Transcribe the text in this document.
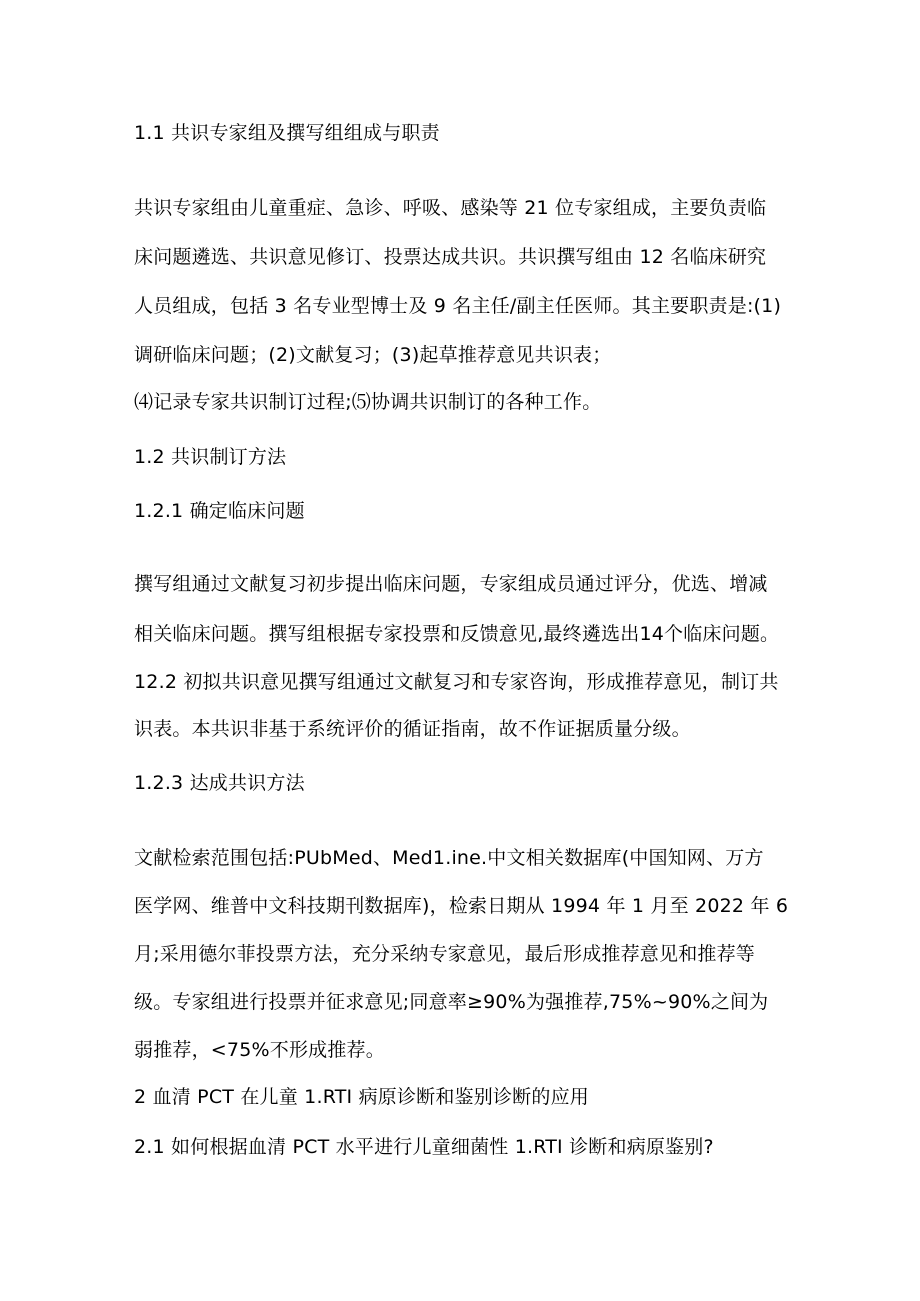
1.1 共识专家组及撰写组组成与职责
共识专家组由儿童重症、急诊、呼吸、感染等 21 位专家组成，主要负责临
床问题遴选、共识意见修订、投票达成共识。共识撰写组由 12 名临床研究
人员组成，包括 3 名专业型博士及 9 名主任/副主任医师。其主要职责是:(1)
调研临床问题；(2)文献复习；(3)起草推荐意见共识表；
⑷记录专家共识制订过程;⑸协调共识制订的各种工作。
1.2 共识制订方法
1.2.1 确定临床问题
撰写组通过文献复习初步提出临床问题，专家组成员通过评分，优选、增减
相关临床问题。撰写组根据专家投票和反馈意见,最终遴选出14个临床问题。
12.2 初拟共识意见撰写组通过文献复习和专家咨询，形成推荐意见，制订共
识表。本共识非基于系统评价的循证指南，故不作证据质量分级。
1.2.3 达成共识方法
文献检索范围包括:PUbMed、Med1.ine.中文相关数据库(中国知网、万方
医学网、维普中文科技期刊数据库)，检索日期从 1994 年 1 月至 2022 年 6
月;采用德尔菲投票方法，充分采纳专家意见，最后形成推荐意见和推荐等
级。专家组进行投票并征求意见;同意率≥90%为强推荐,75%~90%之间为
弱推荐，<75%不形成推荐。
2 血清 PCT 在儿童 1.RTI 病原诊断和鉴别诊断的应用
2.1 如何根据血清 PCT 水平进行儿童细菌性 1.RTI 诊断和病原鉴别?
